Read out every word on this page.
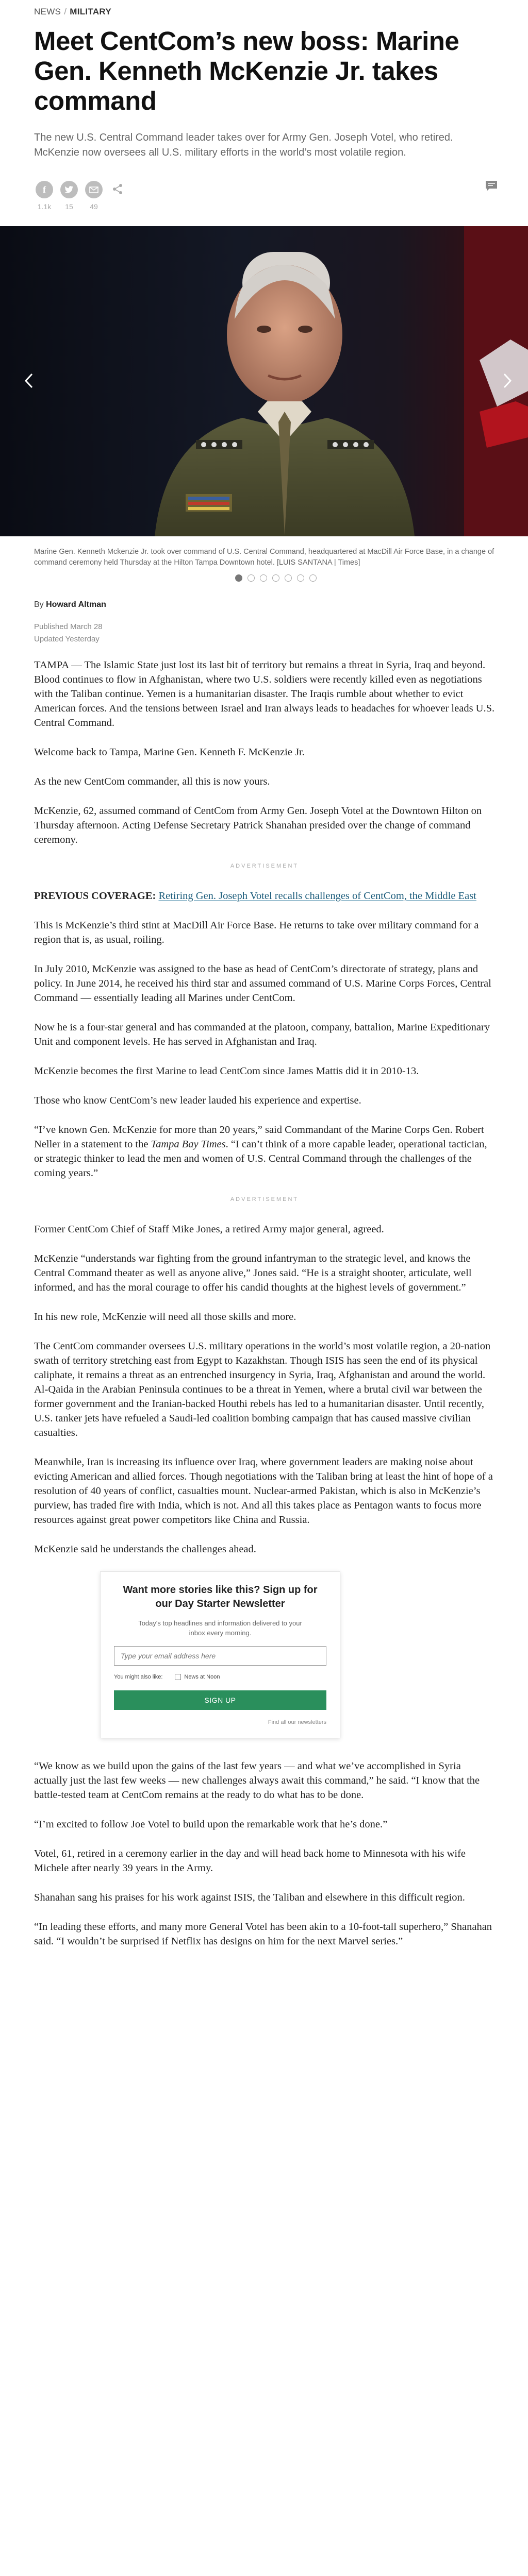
NEWS / MILITARY
Meet CentCom’s new boss: Marine Gen. Kenneth McKenzie Jr. takes command

The new U.S. Central Command leader takes over for Army Gen. Joseph Votel, who retired. McKenzie now oversees all U.S. military efforts in the world’s most volatile region.

f
1.1k	15	49

Marine Gen. Kenneth Mckenzie Jr. took over command of U.S. Central Command, headquartered at MacDill Air Force Base, in a change of command ceremony held Thursday at the Hilton Tampa Downtown hotel. [LUIS SANTANA | Times]

By Howard Altman
Published March 28
Updated Yesterday

TAMPA — The Islamic State just lost its last bit of territory but remains a threat in Syria, Iraq and beyond. Blood continues to flow in Afghanistan, where two U.S. soldiers were recently killed even as negotiations with the Taliban continue. Yemen is a humanitarian disaster. The Iraqis rumble about whether to evict American forces. And the tensions between Israel and Iran always leads to headaches for whoever leads U.S. Central Command.

Welcome back to Tampa, Marine Gen. Kenneth F. McKenzie Jr.

As the new CentCom commander, all this is now yours.

McKenzie, 62, assumed command of CentCom from Army Gen. Joseph Votel at the Downtown Hilton on Thursday afternoon. Acting Defense Secretary Patrick Shanahan presided over the change of command ceremony.

ADVERTISEMENT

PREVIOUS COVERAGE: Retiring Gen. Joseph Votel recalls challenges of CentCom, the Middle East

This is McKenzie’s third stint at MacDill Air Force Base. He returns to take over military command for a region that is, as usual, roiling.

In July 2010, McKenzie was assigned to the base as head of CentCom’s directorate of strategy, plans and policy. In June 2014, he received his third star and assumed command of U.S. Marine Corps Forces, Central Command — essentially leading all Marines under CentCom.

Now he is a four-star general and has commanded at the platoon, company, battalion, Marine Expeditionary Unit and component levels. He has served in Afghanistan and Iraq.

McKenzie becomes the first Marine to lead CentCom since James Mattis did it in 2010-13.

Those who know CentCom’s new leader lauded his experience and expertise.

“I’ve known Gen. McKenzie for more than 20 years,” said Commandant of the Marine Corps Gen. Robert Neller in a statement to the Tampa Bay Times. “I can’t think of a more capable leader, operational tactician, or strategic thinker to lead the men and women of U.S. Central Command through the challenges of the coming years.”

ADVERTISEMENT

Former CentCom Chief of Staff Mike Jones, a retired Army major general, agreed.

McKenzie “understands war fighting from the ground infantryman to the strategic level, and knows the Central Command theater as well as anyone alive,” Jones said. “He is a straight shooter, articulate, well informed, and has the moral courage to offer his candid thoughts at the highest levels of government.”

In his new role, McKenzie will need all those skills and more.

The CentCom commander oversees U.S. military operations in the world’s most volatile region, a 20-nation swath of territory stretching east from Egypt to Kazakhstan. Though ISIS has seen the end of its physical caliphate, it remains a threat as an entrenched insurgency in Syria, Iraq, Afghanistan and around the world. Al-Qaida in the Arabian Peninsula continues to be a threat in Yemen, where a brutal civil war between the former government and the Iranian-backed Houthi rebels has led to a humanitarian disaster. Until recently, U.S. tanker jets have refueled a Saudi-led coalition bombing campaign that has caused massive civilian casualties.

Meanwhile, Iran is increasing its influence over Iraq, where government leaders are making noise about evicting American and allied forces. Though negotiations with the Taliban bring at least the hint of hope of a resolution of 40 years of conflict, casualties mount. Nuclear-armed Pakistan, which is also in McKenzie’s purview, has traded fire with India, which is not. And all this takes place as Pentagon wants to focus more resources against great power competitors like China and Russia.

McKenzie said he understands the challenges ahead.

Want more stories like this? Sign up for our Day Starter Newsletter
Today's top headlines and information delivered to your inbox every morning.
Type your email address here
You might also like:	News at Noon
SIGN UP
Find all our newsletters

“We know as we build upon the gains of the last few years — and what we’ve accomplished in Syria actually just the last few weeks — new challenges always await this command,” he said. “I know that the battle-tested team at CentCom remains at the ready to do what has to be done.

“I’m excited to follow Joe Votel to build upon the remarkable work that he’s done.”

Votel, 61, retired in a ceremony earlier in the day and will head back home to Minnesota with his wife Michele after nearly 39 years in the Army.

Shanahan sang his praises for his work against ISIS, the Taliban and elsewhere in this difficult region.

“In leading these efforts, and many more General Votel has been akin to a 10-foot-tall superhero,” Shanahan said. “I wouldn’t be surprised if Netflix has designs on him for the next Marvel series.”
